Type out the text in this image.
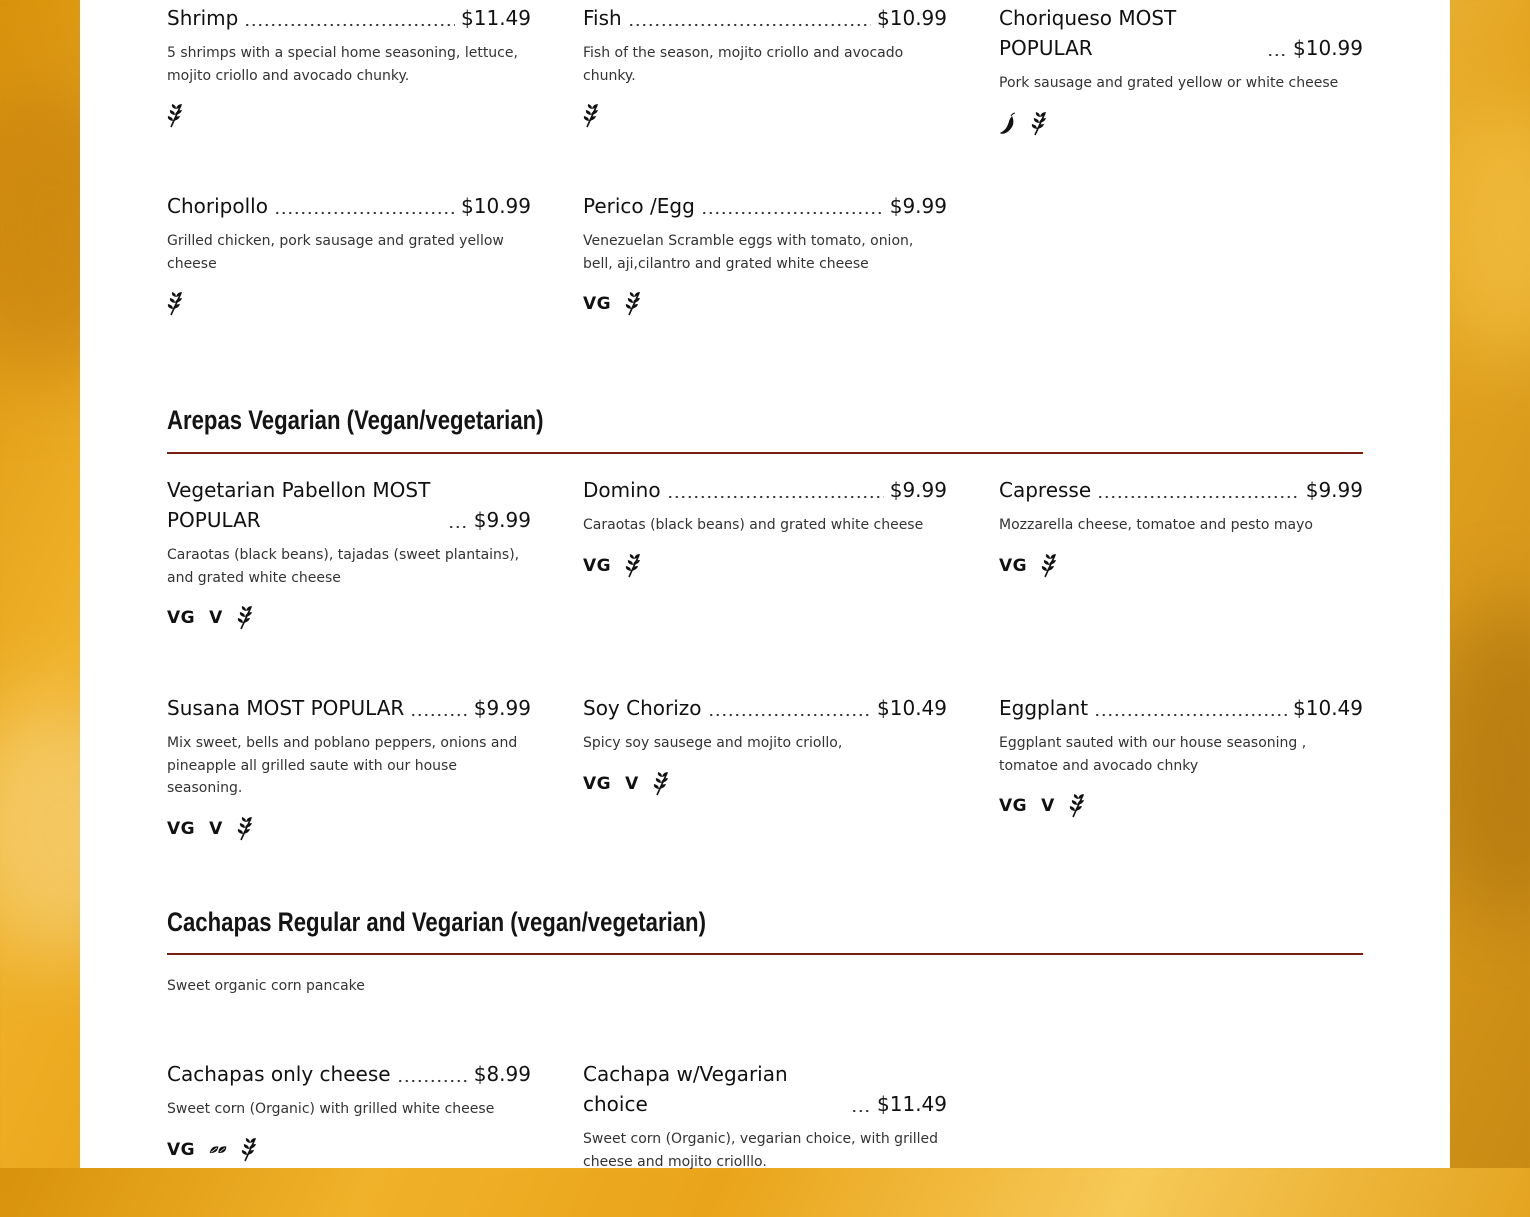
Shrimp	$11.49
5 shrimps with a special home seasoning, lettuce, mojito criollo and avocado chunky.
Fish	$10.99
Fish of the season, mojito criollo and avocado chunky.
Choriqueso MOST POPULAR	$10.99
Pork sausage and grated yellow or white cheese
Choripollo	$10.99
Grilled chicken, pork sausage and grated yellow cheese
Perico /Egg	$9.99
Venezuelan Scramble eggs with tomato, onion, bell, aji,cilantro and grated white cheese
VG
Arepas Vegarian (Vegan/vegetarian)
Vegetarian Pabellon MOST POPULAR	$9.99
Caraotas (black beans), tajadas (sweet plantains), and grated white cheese
VG V
Domino	$9.99
Caraotas (black beans) and grated white cheese
VG
Capresse	$9.99
Mozzarella cheese, tomatoe and pesto mayo
VG
Susana MOST POPULAR	$9.99
Mix sweet, bells and poblano peppers, onions and pineapple all grilled saute with our house seasoning.
VG V
Soy Chorizo	$10.49
Spicy soy sausege and mojito criollo,
VG V
Eggplant	$10.49
Eggplant sauted with our house seasoning , tomatoe and avocado chnky
VG V
Cachapas Regular and Vegarian (vegan/vegetarian)
Sweet organic corn pancake
Cachapas only cheese	$8.99
Sweet corn (Organic) with grilled white cheese
VG
Cachapa w/Vegarian choice	$11.49
Sweet corn (Organic), vegarian choice, with grilled cheese and mojito criolllo.
